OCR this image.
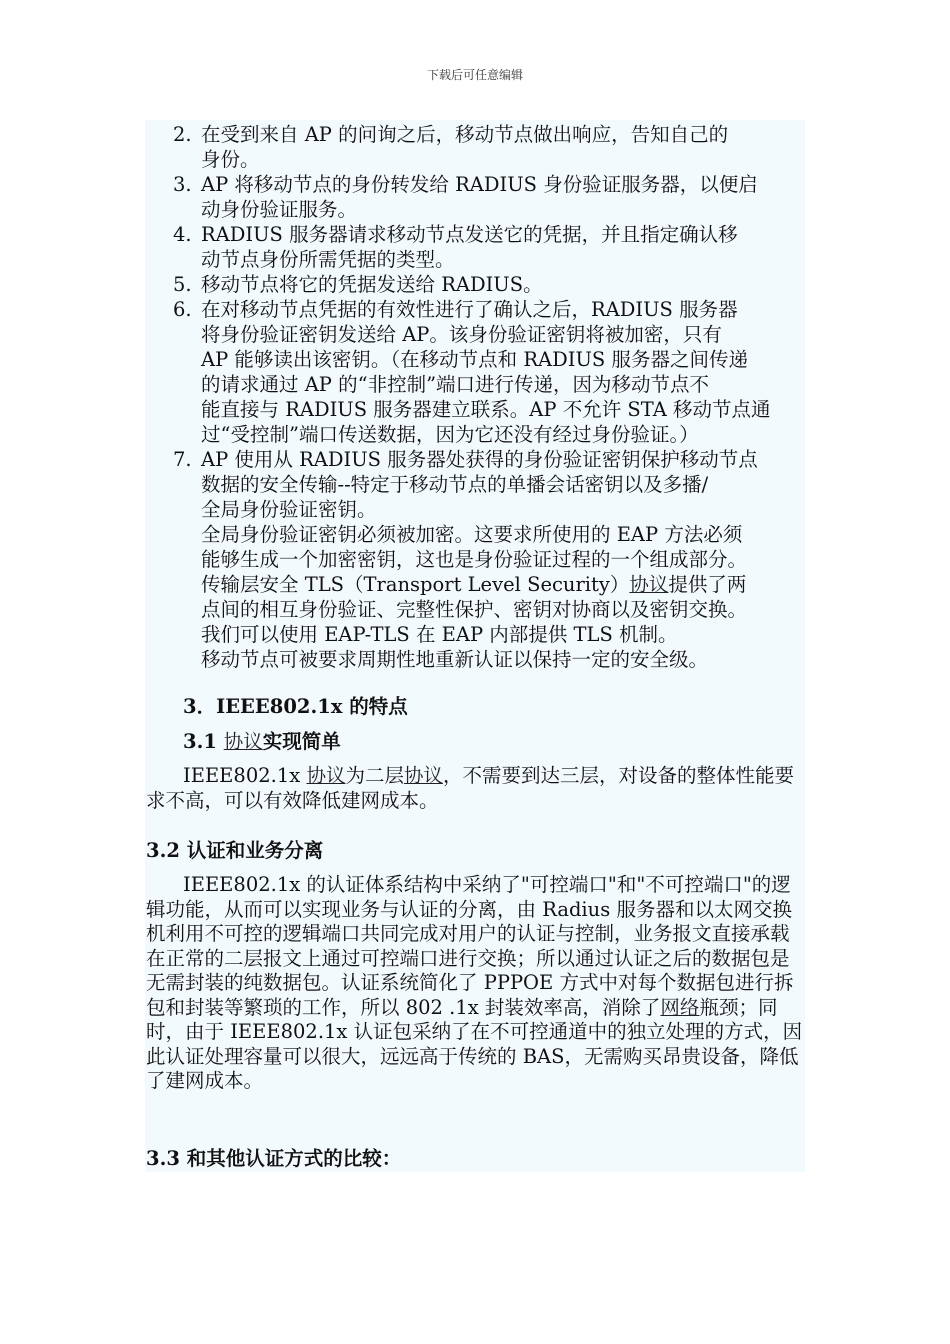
下载后可任意编辑
2. 在受到来自 AP 的问询之后，移动节点做出响应，告知自己的
身份。
3. AP 将移动节点的身份转发给 RADIUS 身份验证服务器，以便启
动身份验证服务。
4. RADIUS 服务器请求移动节点发送它的凭据，并且指定确认移
动节点身份所需凭据的类型。
5. 移动节点将它的凭据发送给 RADIUS。
6. 在对移动节点凭据的有效性进行了确认之后，RADIUS 服务器
将身份验证密钥发送给 AP。该身份验证密钥将被加密，只有
AP 能够读出该密钥。（在移动节点和 RADIUS 服务器之间传递
的请求通过 AP 的“非控制”端口进行传递，因为移动节点不
能直接与 RADIUS 服务器建立联系。AP 不允许 STA 移动节点通
过“受控制”端口传送数据，因为它还没有经过身份验证。）
7. AP 使用从 RADIUS 服务器处获得的身份验证密钥保护移动节点
数据的安全传输--特定于移动节点的单播会话密钥以及多播/
全局身份验证密钥。
全局身份验证密钥必须被加密。这要求所使用的 EAP 方法必须
能够生成一个加密密钥，这也是身份验证过程的一个组成部分。
传输层安全 TLS（Transport Level Security）协议提供了两
点间的相互身份验证、完整性保护、密钥对协商以及密钥交换。
我们可以使用 EAP-TLS 在 EAP 内部提供 TLS 机制。
移动节点可被要求周期性地重新认证以保持一定的安全级。
3．IEEE802.1x 的特点
3.1 协议实现简单
IEEE802.1x 协议为二层协议，不需要到达三层，对设备的整体性能要求不高，可以有效降低建网成本。
3.2 认证和业务分离
IEEE802.1x 的认证体系结构中采纳了"可控端口"和"不可控端口"的逻辑功能，从而可以实现业务与认证的分离，由 Radius 服务器和以太网交换机利用不可控的逻辑端口共同完成对用户的认证与控制，业务报文直接承载在正常的二层报文上通过可控端口进行交换；所以通过认证之后的数据包是无需封装的纯数据包。认证系统简化了 PPPOE 方式中对每个数据包进行拆包和封装等繁琐的工作，所以 802 .1x 封装效率高，消除了网络瓶颈；同时，由于 IEEE802.1x 认证包采纳了在不可控通道中的独立处理的方式，因此认证处理容量可以很大，远远高于传统的 BAS，无需购买昂贵设备，降低了建网成本。
3.3 和其他认证方式的比较：
